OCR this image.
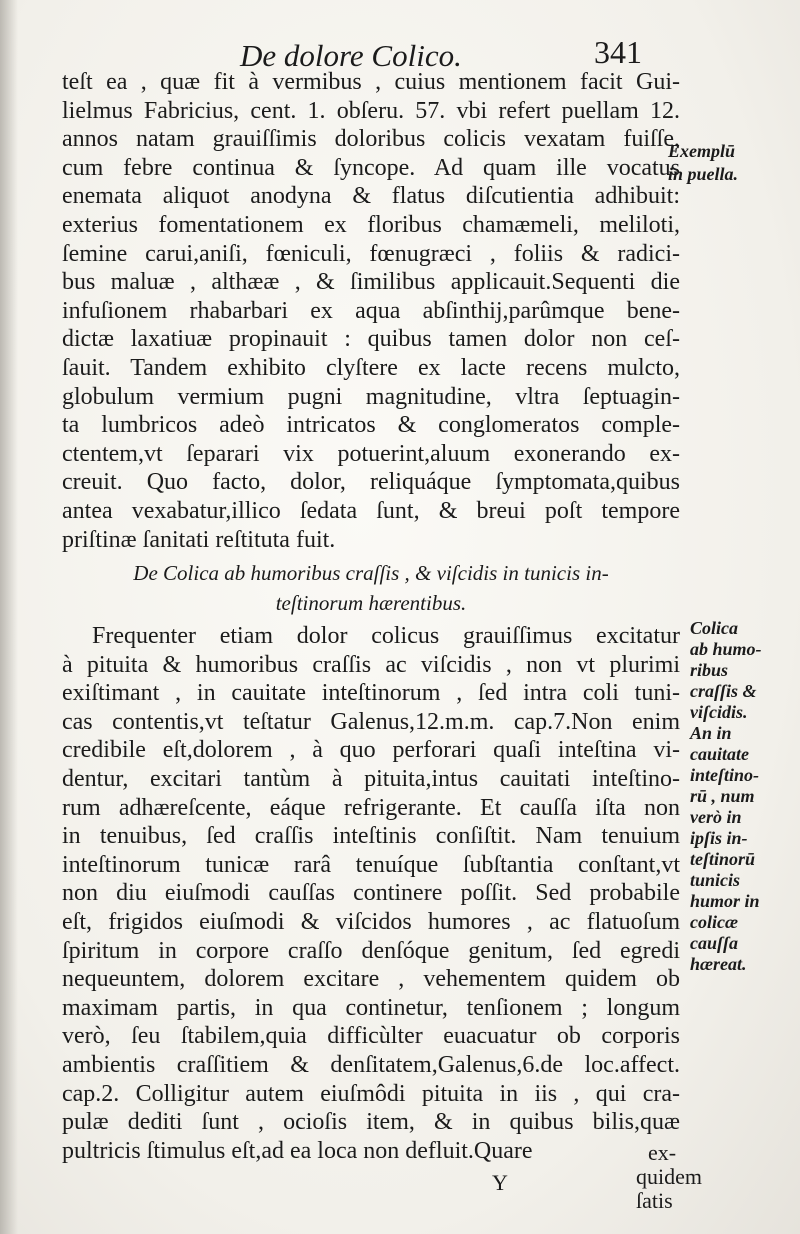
De dolore Colico.	341
teſt ea , quæ fit à vermibus , cuius mentionem facit Gui-
lielmus Fabricius, cent. 1. obſeru. 57. vbi refert puellam 12.
annos natam grauiſſimis doloribus colicis vexatam fuiſſe,
cum febre continua & ſyncope. Ad quam ille vocatus
enemata aliquot anodyna & flatus diſcutientia adhibuit:
exterius fomentationem ex floribus chamæmeli, meliloti,
ſemine carui,aniſi, fœniculi, fœnugræci , foliis & radici-
bus maluæ , althææ , & ſimilibus applicauit.Sequenti die
infuſionem rhabarbari ex aqua abſinthij,parûmque bene-
dictæ laxatiuæ propinauit : quibus tamen dolor non ceſ-
ſauit. Tandem exhibito clyſtere ex lacte recens mulcto,
globulum vermium pugni magnitudine, vltra ſeptuagin-
ta lumbricos adeò intricatos & conglomeratos comple-
ctentem,vt ſeparari vix potuerint,aluum exonerando ex-
creuit. Quo facto, dolor, reliquáque ſymptomata,quibus
antea vexabatur,illico ſedata ſunt, & breui poſt tempore
priſtinæ ſanitati reſtituta fuit.
De Colica ab humoribus craſſis , & viſcidis in tunicis in-
teſtinorum hærentibus.
Frequenter etiam dolor colicus grauiſſimus excitatur
à pituita & humoribus craſſis ac viſcidis , non vt plurimi
exiſtimant , in cauitate inteſtinorum , ſed intra coli tuni-
cas contentis,vt teſtatur Galenus,12.m.m. cap.7.Non enim
credibile eſt,dolorem , à quo perforari quaſi inteſtina vi-
dentur, excitari tantùm à pituita,intus cauitati inteſtino-
rum adhæreſcente, eáque refrigerante. Et cauſſa iſta non
in tenuibus, ſed craſſis inteſtinis conſiſtit. Nam tenuium
inteſtinorum tunicæ rarâ tenuíque ſubſtantia conſtant,vt
non diu eiuſmodi cauſſas continere poſſit. Sed probabile
eſt, frigidos eiuſmodi & viſcidos humores , ac flatuoſum
ſpiritum in corpore craſſo denſóque genitum, ſed egredi
nequeuntem, dolorem excitare , vehementem quidem ob
maximam partis, in qua continetur, tenſionem ; longum
verò, ſeu ſtabilem,quia difficùlter euacuatur ob corporis
ambientis craſſitiem & denſitatem,Galenus,6.de loc.affect.
cap.2. Colligitur autem eiuſmôdi pituita in iis , qui cra-
pulæ dediti ſunt , ocioſis item, & in quibus bilis,quæ
pultricis ſtimulus eſt,ad ea loca non defluit.Quare
Exemplū
in puella.
Colica
ab humo-
ribus
craſſis &
viſcidis.
An in
cauitate
inteſtino-
rū , num
verò in
ipſis in-
teſtinorū
tunicis
humor in
colicæ
cauſſa
hæreat.
Y
ex-
quidem
ſatis
